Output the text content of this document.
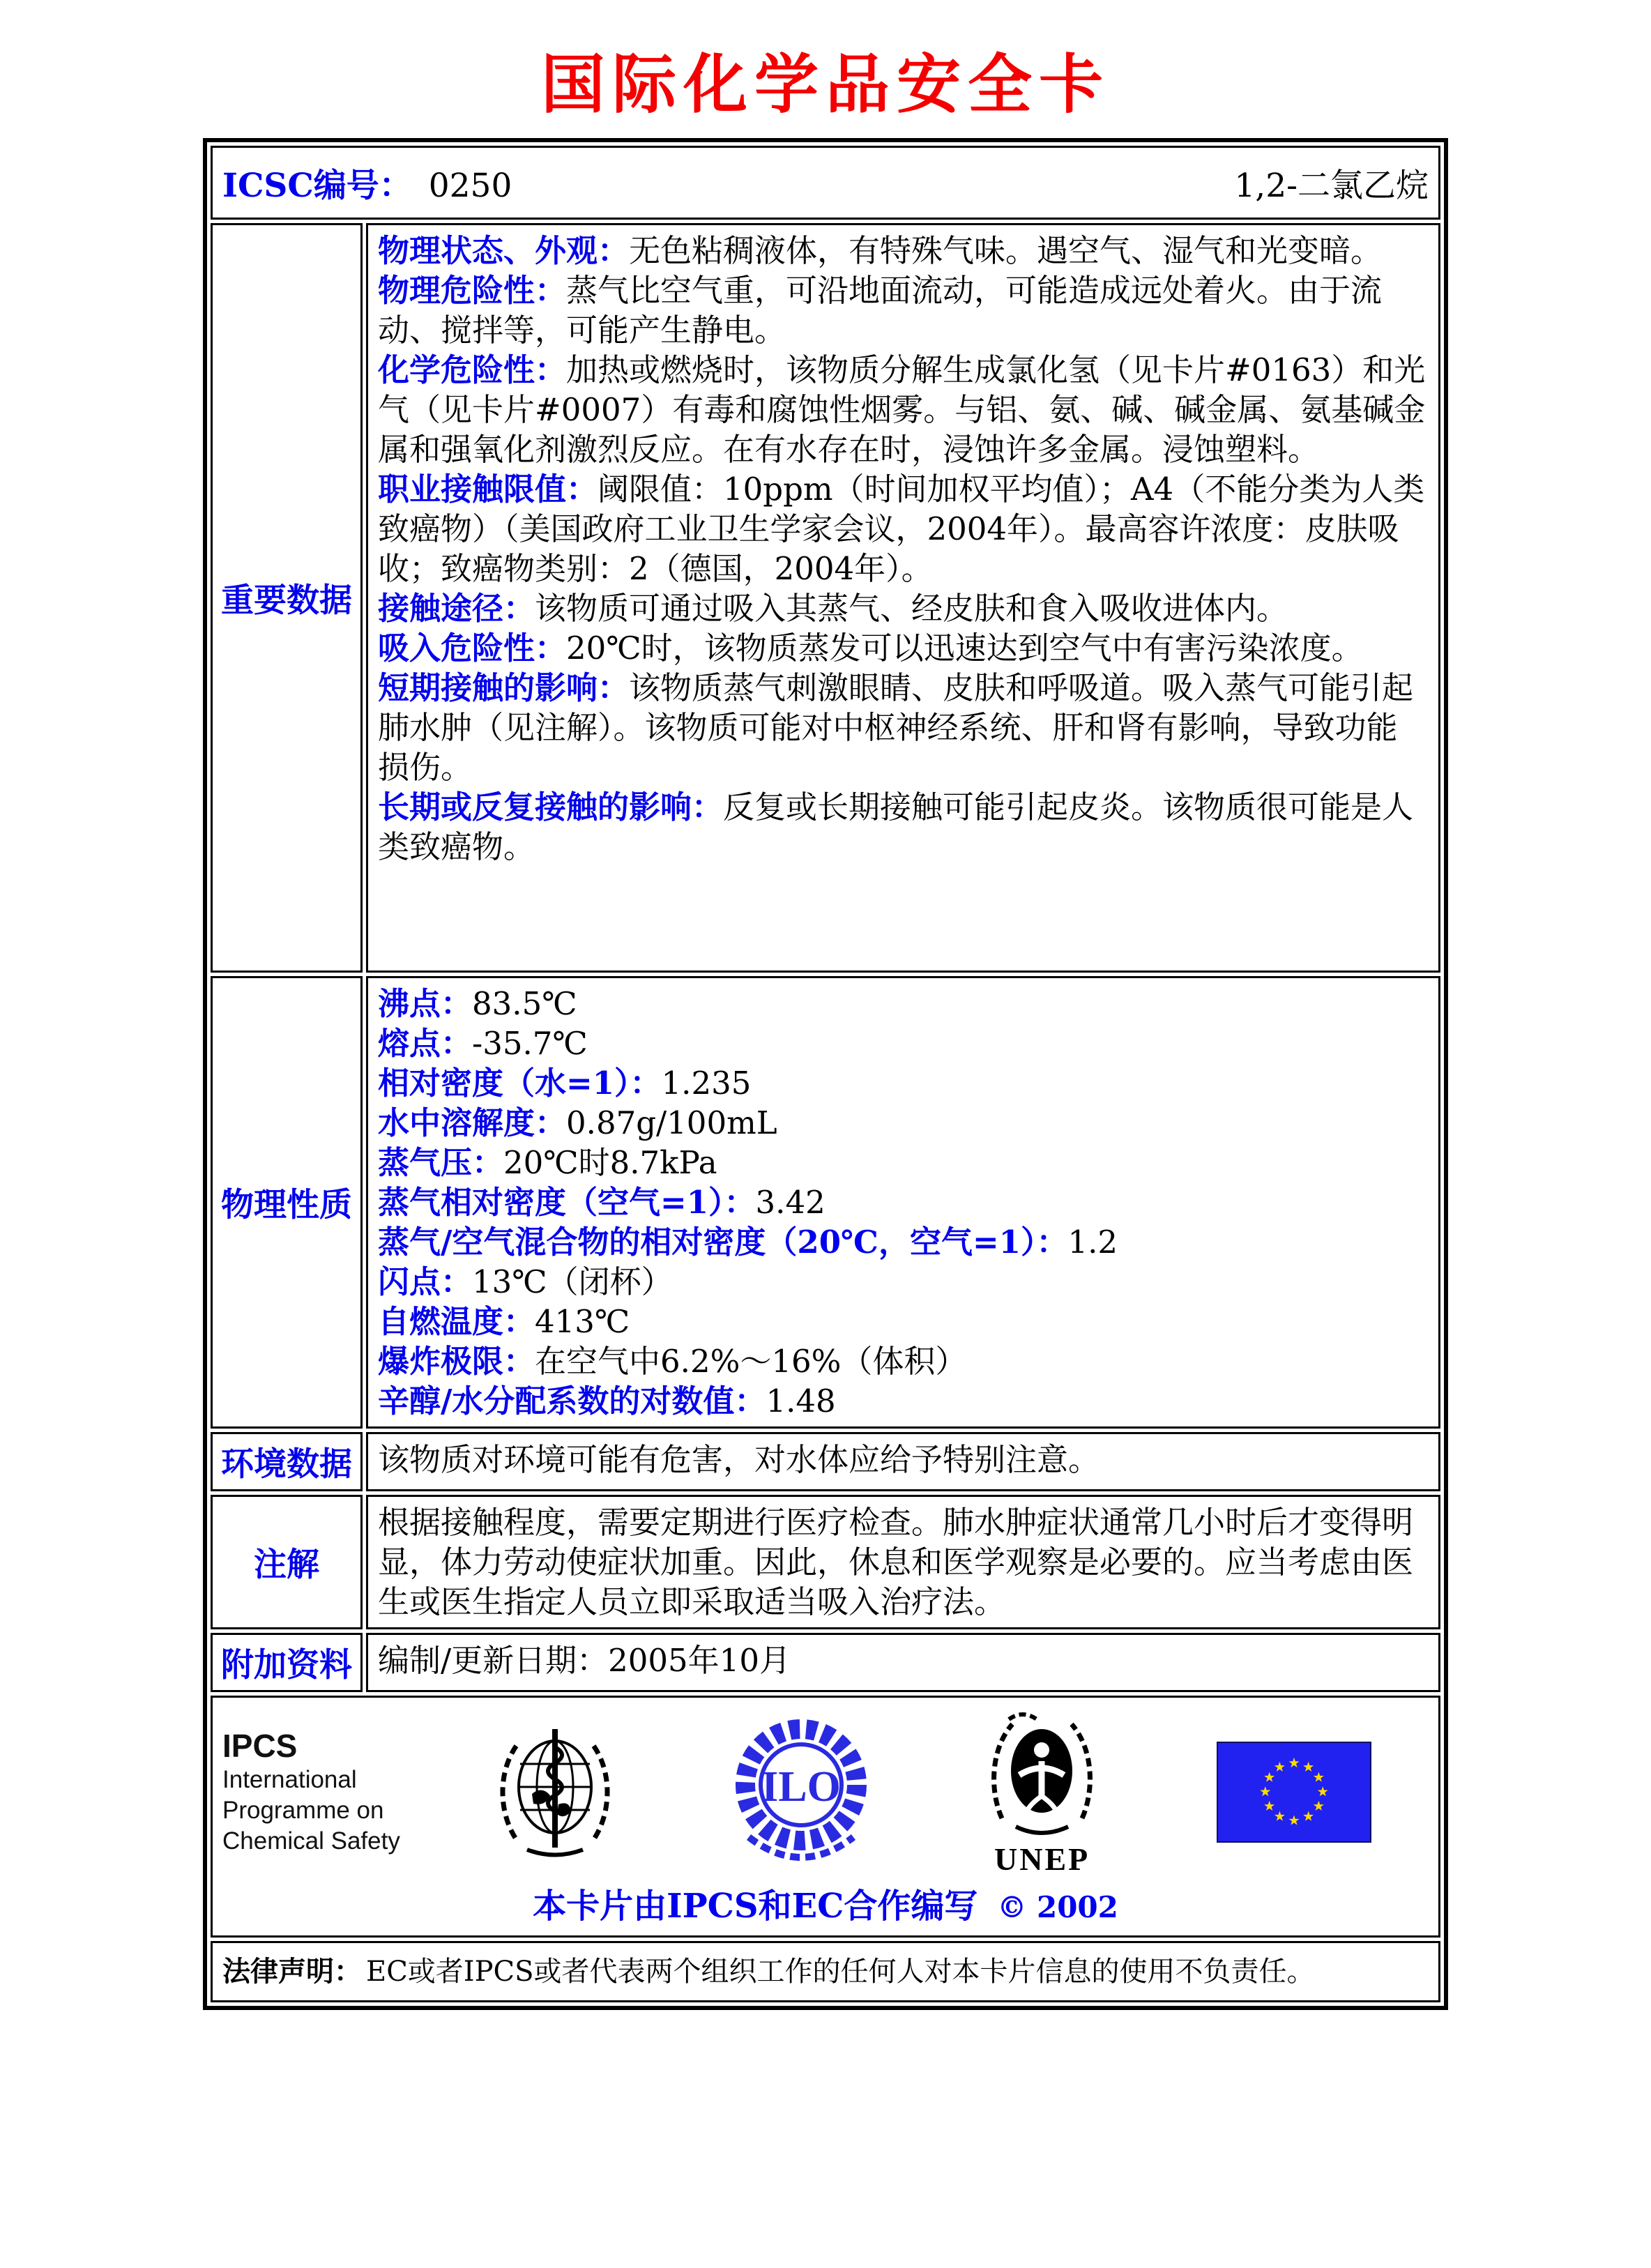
国际化学品安全卡
ICSC编号： 0250	1,2-二氯乙烷
重要数据
物理状态、外观：无色粘稠液体，有特殊气味。遇空气、湿气和光变暗。
物理危险性：蒸气比空气重，可沿地面流动，可能造成远处着火。由于流动、搅拌等，可能产生静电。
化学危险性：加热或燃烧时，该物质分解生成氯化氢（见卡片#0163）和光气（见卡片#0007）有毒和腐蚀性烟雾。与铝、氨、碱、碱金属、氨基碱金属和强氧化剂激烈反应。在有水存在时，浸蚀许多金属。浸蚀塑料。
职业接触限值：阈限值：10ppm（时间加权平均值）；A4（不能分类为人类致癌物）（美国政府工业卫生学家会议，2004年）。最高容许浓度：皮肤吸收；致癌物类别：2（德国，2004年）。
接触途径：该物质可通过吸入其蒸气、经皮肤和食入吸收进体内。
吸入危险性：20℃时，该物质蒸发可以迅速达到空气中有害污染浓度。
短期接触的影响：该物质蒸气刺激眼睛、皮肤和呼吸道。吸入蒸气可能引起肺水肿（见注解）。该物质可能对中枢神经系统、肝和肾有影响，导致功能损伤。
长期或反复接触的影响：反复或长期接触可能引起皮炎。该物质很可能是人类致癌物。
物理性质
沸点：83.5℃
熔点：-35.7℃
相对密度（水=1）：1.235
水中溶解度：0.87g/100mL
蒸气压：20℃时8.7kPa
蒸气相对密度（空气=1）：3.42
蒸气/空气混合物的相对密度（20℃，空气=1）：1.2
闪点：13℃（闭杯）
自燃温度：413℃
爆炸极限：在空气中6.2%～16%（体积）
辛醇/水分配系数的对数值：1.48
环境数据 该物质对环境可能有危害，对水体应给予特别注意。
注解
根据接触程度，需要定期进行医疗检查。肺水肿症状通常几小时后才变得明显，体力劳动使症状加重。因此，休息和医学观察是必要的。应当考虑由医生或医生指定人员立即采取适当吸入治疗法。
附加资料 编制/更新日期：2005年10月
IPCS
International
Programme on
Chemical Safety
ILO
UNEP
本卡片由IPCS和EC合作编写 © 2002
法律声明： EC或者IPCS或者代表两个组织工作的任何人对本卡片信息的使用不负责任。
